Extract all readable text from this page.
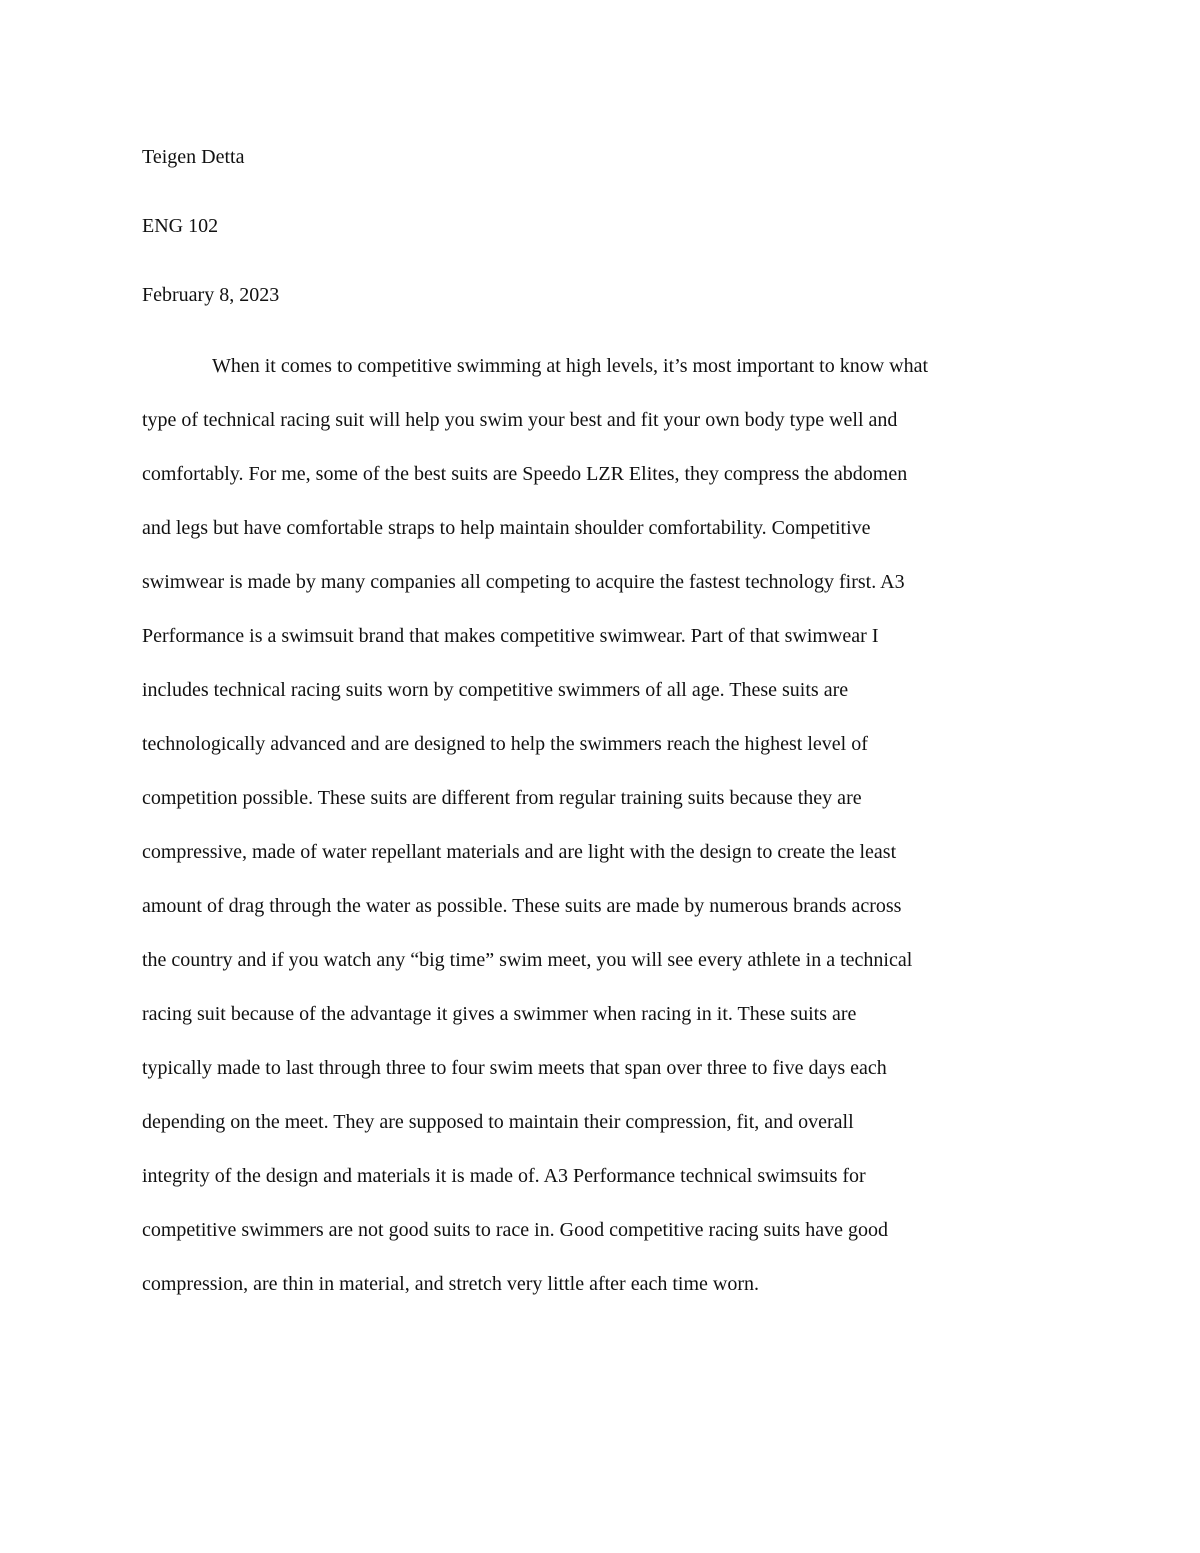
Teigen Detta
ENG 102
February 8, 2023
When it comes to competitive swimming at high levels, it’s most important to know what
type of technical racing suit will help you swim your best and fit your own body type well and
comfortably. For me, some of the best suits are Speedo LZR Elites, they compress the abdomen
and legs but have comfortable straps to help maintain shoulder comfortability. Competitive
swimwear is made by many companies all competing to acquire the fastest technology first. A3
Performance is a swimsuit brand that makes competitive swimwear. Part of that swimwear I
includes technical racing suits worn by competitive swimmers of all age. These suits are
technologically advanced and are designed to help the swimmers reach the highest level of
competition possible. These suits are different from regular training suits because they are
compressive, made of water repellant materials and are light with the design to create the least
amount of drag through the water as possible. These suits are made by numerous brands across
the country and if you watch any “big time” swim meet, you will see every athlete in a technical
racing suit because of the advantage it gives a swimmer when racing in it. These suits are
typically made to last through three to four swim meets that span over three to five days each
depending on the meet. They are supposed to maintain their compression, fit, and overall
integrity of the design and materials it is made of. A3 Performance technical swimsuits for
competitive swimmers are not good suits to race in. Good competitive racing suits have good
compression, are thin in material, and stretch very little after each time worn.
